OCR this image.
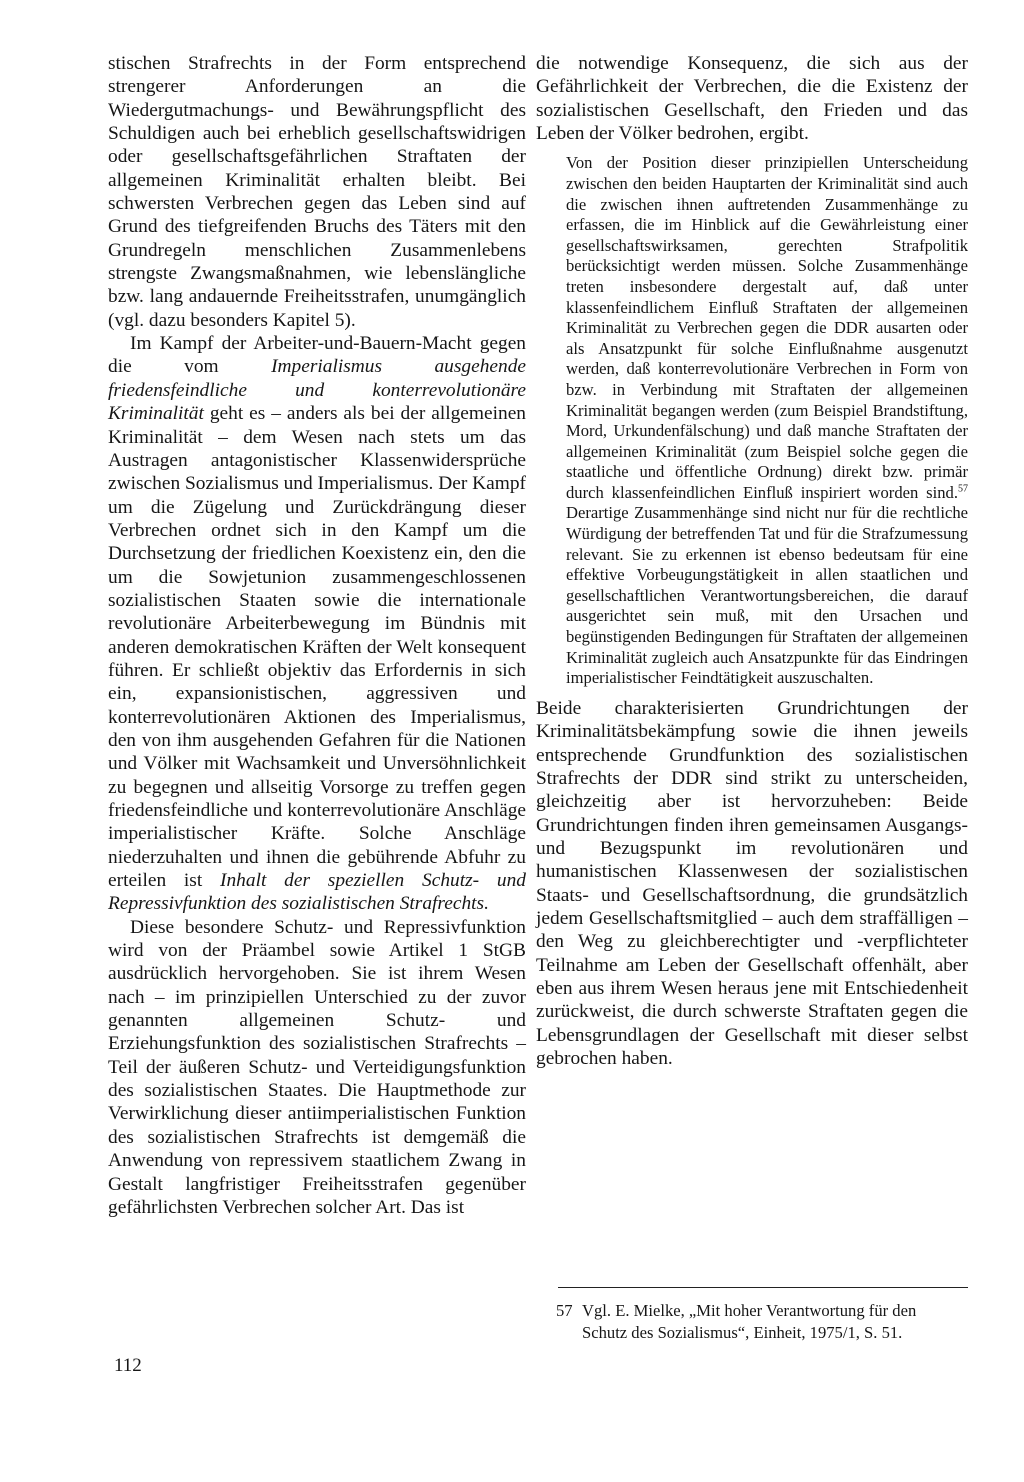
stischen Strafrechts in der Form entsprechend strengerer Anforderungen an die Wiedergutmachungs- und Bewährungspflicht des Schuldigen auch bei erheblich gesellschaftswidrigen oder gesellschaftsgefährlichen Straftaten der allgemeinen Kriminalität erhalten bleibt. Bei schwersten Verbrechen gegen das Leben sind auf Grund des tiefgreifenden Bruchs des Täters mit den Grundregeln menschlichen Zusammenlebens strengste Zwangsmaßnahmen, wie lebenslängliche bzw. lang andauernde Freiheitsstrafen, unumgänglich (vgl. dazu besonders Kapitel 5).

Im Kampf der Arbeiter-und-Bauern-Macht gegen die vom Imperialismus ausgehende friedensfeindliche und konterrevolutionäre Kriminalität geht es – anders als bei der allgemeinen Kriminalität – dem Wesen nach stets um das Austragen antagonistischer Klassenwidersprüche zwischen Sozialismus und Imperialismus. Der Kampf um die Zügelung und Zurückdrängung dieser Verbrechen ordnet sich in den Kampf um die Durchsetzung der friedlichen Koexistenz ein, den die um die Sowjetunion zusammengeschlossenen sozialistischen Staaten sowie die internationale revolutionäre Arbeiterbewegung im Bündnis mit anderen demokratischen Kräften der Welt konsequent führen. Er schließt objektiv das Erfordernis in sich ein, expansionistischen, aggressiven und konterrevolutionären Aktionen des Imperialismus, den von ihm ausgehenden Gefahren für die Nationen und Völker mit Wachsamkeit und Unversöhnlichkeit zu begegnen und allseitig Vorsorge zu treffen gegen friedensfeindliche und konterrevolutionäre Anschläge imperialistischer Kräfte. Solche Anschläge niederzuhalten und ihnen die gebührende Abfuhr zu erteilen ist Inhalt der speziellen Schutz- und Repressivfunktion des sozialistischen Strafrechts.

Diese besondere Schutz- und Repressivfunktion wird von der Präambel sowie Artikel 1 StGB ausdrücklich hervorgehoben. Sie ist ihrem Wesen nach – im prinzipiellen Unterschied zu der zuvor genannten allgemeinen Schutz- und Erziehungsfunktion des sozialistischen Strafrechts – Teil der äußeren Schutz- und Verteidigungsfunktion des sozialistischen Staates. Die Hauptmethode zur Verwirklichung dieser antiimperialistischen Funktion des sozialistischen Strafrechts ist demgemäß die Anwendung von repressivem staatlichem Zwang in Gestalt langfristiger Freiheitsstrafen gegenüber gefährlichsten Verbrechen solcher Art. Das ist

die notwendige Konsequenz, die sich aus der Gefährlichkeit der Verbrechen, die die Existenz der sozialistischen Gesellschaft, den Frieden und das Leben der Völker bedrohen, ergibt.

Von der Position dieser prinzipiellen Unterscheidung zwischen den beiden Hauptarten der Kriminalität sind auch die zwischen ihnen auftretenden Zusammenhänge zu erfassen, die im Hinblick auf die Gewährleistung einer gesellschaftswirksamen, gerechten Strafpolitik berücksichtigt werden müssen. Solche Zusammenhänge treten insbesondere dergestalt auf, daß unter klassenfeindlichem Einfluß Straftaten der allgemeinen Kriminalität zu Verbrechen gegen die DDR ausarten oder als Ansatzpunkt für solche Einflußnahme ausgenutzt werden, daß konterrevolutionäre Verbrechen in Form von bzw. in Verbindung mit Straftaten der allgemeinen Kriminalität begangen werden (zum Beispiel Brandstiftung, Mord, Urkundenfälschung) und daß manche Straftaten der allgemeinen Kriminalität (zum Beispiel solche gegen die staatliche und öffentliche Ordnung) direkt bzw. primär durch klassenfeindlichen Einfluß inspiriert worden sind.$^{57}$ Derartige Zusammenhänge sind nicht nur für die rechtliche Würdigung der betreffenden Tat und für die Strafzumessung relevant. Sie zu erkennen ist ebenso bedeutsam für eine effektive Vorbeugungstätigkeit in allen staatlichen und gesellschaftlichen Verantwortungsbereichen, die darauf ausgerichtet sein muß, mit den Ursachen und begünstigenden Bedingungen für Straftaten der allgemeinen Kriminalität zugleich auch Ansatzpunkte für das Eindringen imperialistischer Feindtätigkeit auszuschalten.

Beide charakterisierten Grundrichtungen der Kriminalitätsbekämpfung sowie die ihnen jeweils entsprechende Grundfunktion des sozialistischen Strafrechts der DDR sind strikt zu unterscheiden, gleichzeitig aber ist hervorzuheben: Beide Grundrichtungen finden ihren gemeinsamen Ausgangs- und Bezugspunkt im revolutionären und humanistischen Klassenwesen der sozialistischen Staats- und Gesellschaftsordnung, die grundsätzlich jedem Gesellschaftsmitglied – auch dem straffälligen – den Weg zu gleichberechtigter und -verpflichteter Teilnahme am Leben der Gesellschaft offenhält, aber eben aus ihrem Wesen heraus jene mit Entschiedenheit zurückweist, die durch schwerste Straftaten gegen die Lebensgrundlagen der Gesellschaft mit dieser selbst gebrochen haben.

57 Vgl. E. Mielke, „Mit hoher Verantwortung für den
Schutz des Sozialismus“, Einheit, 1975/1, S. 51.
112
